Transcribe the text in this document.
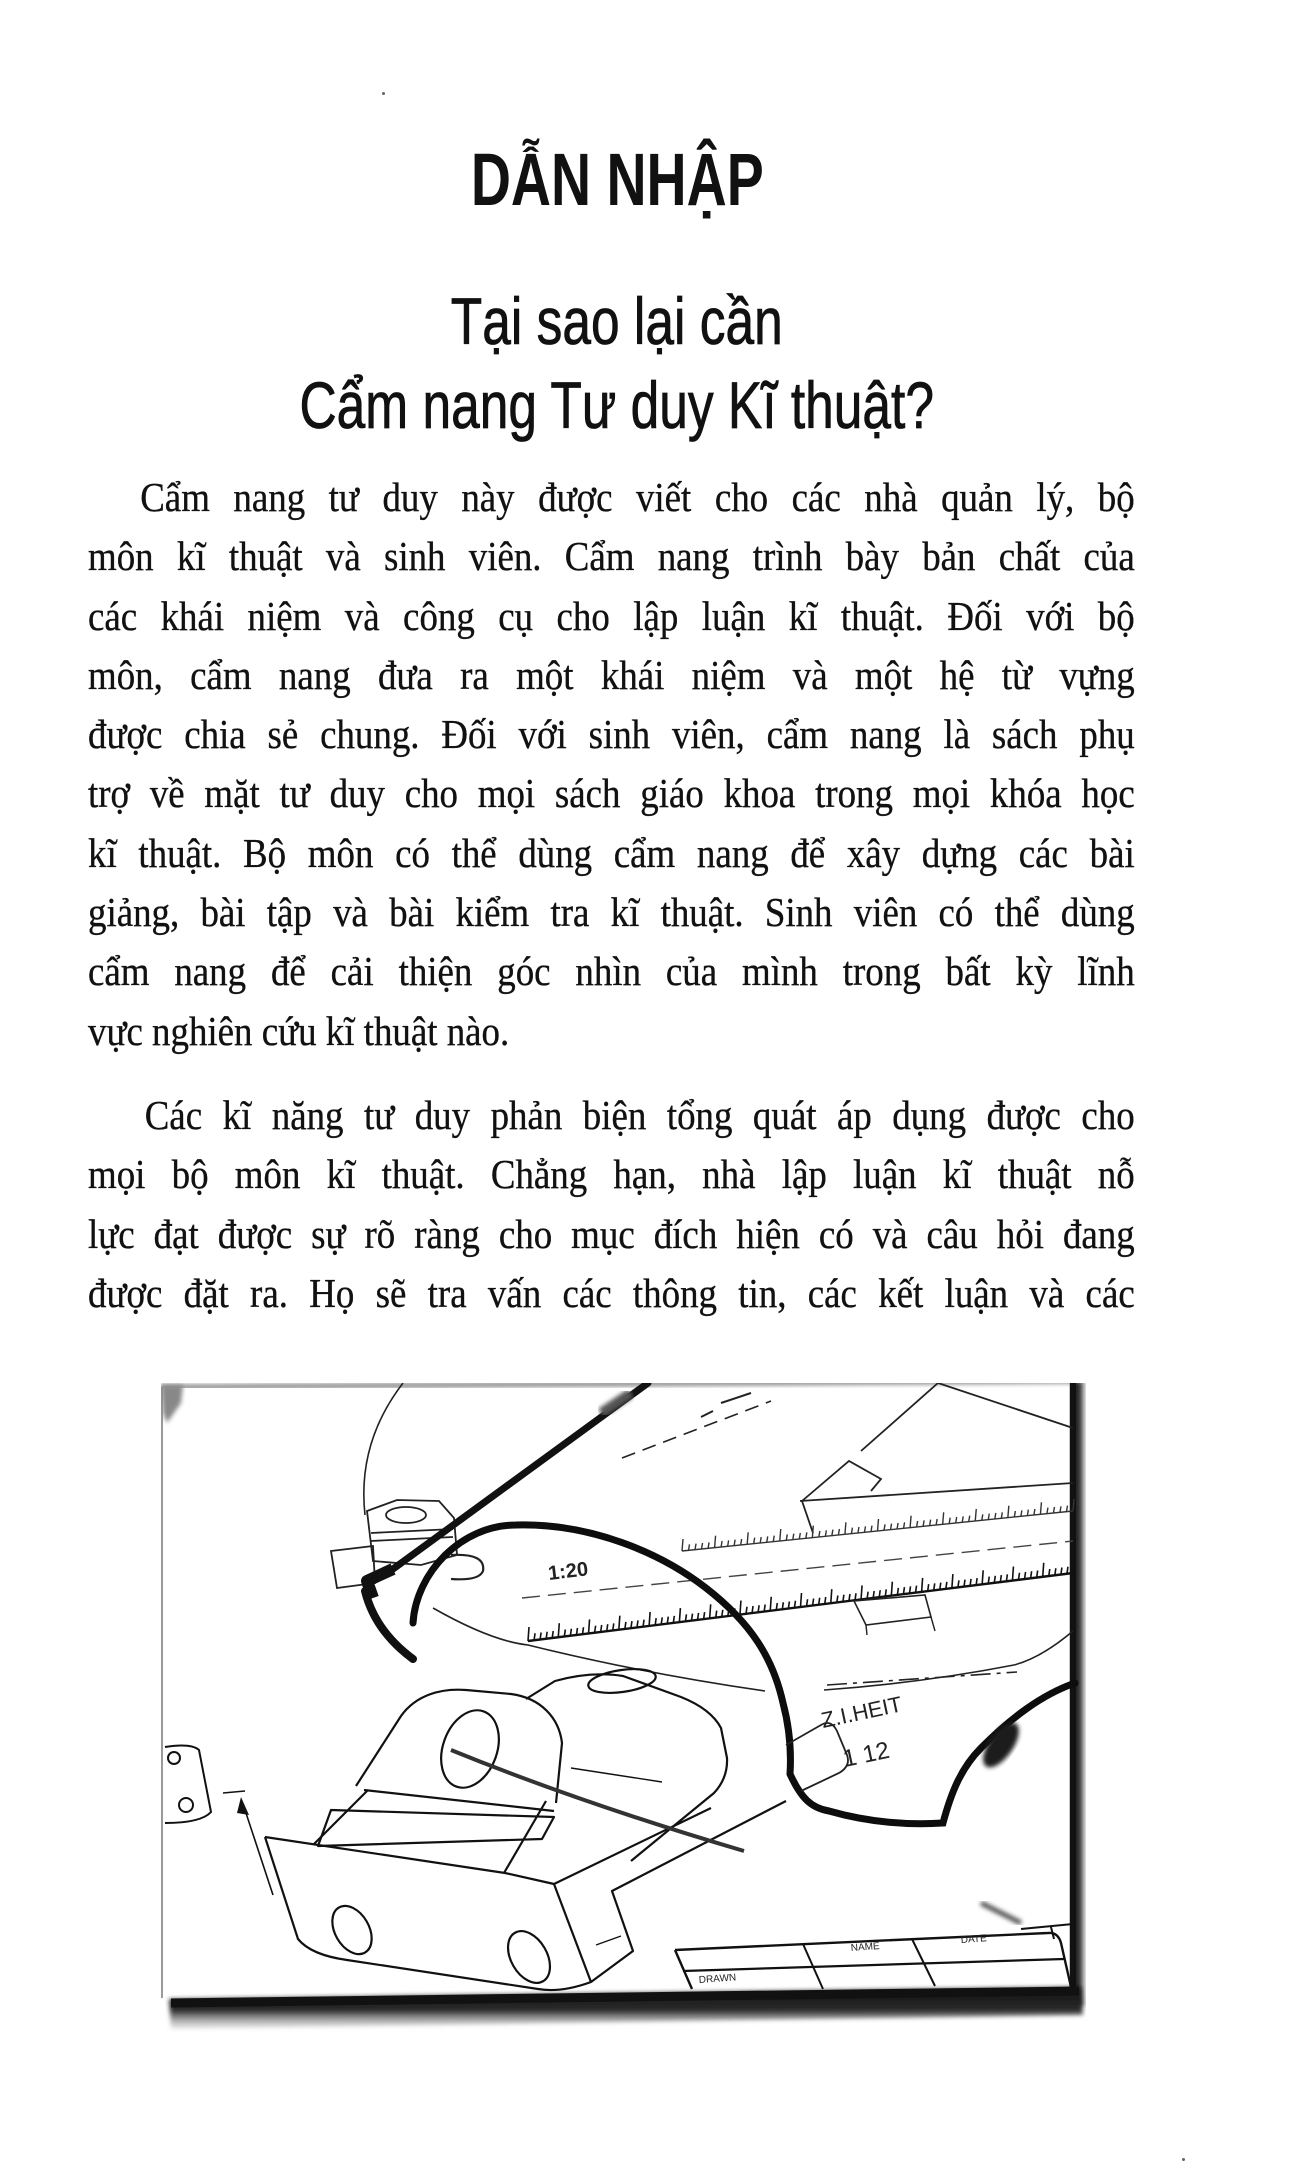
DẪN NHẬP
Tại sao lại cần
Cẩm nang Tư duy Kĩ thuật?
Cẩm nang tư duy này được viết cho các nhà quản lý, bộ
môn kĩ thuật và sinh viên. Cẩm nang trình bày bản chất của
các khái niệm và công cụ cho lập luận kĩ thuật. Đối với bộ
môn, cẩm nang đưa ra một khái niệm và một hệ từ vựng
được chia sẻ chung. Đối với sinh viên, cẩm nang là sách phụ
trợ về mặt tư duy cho mọi sách giáo khoa trong mọi khóa học
kĩ thuật. Bộ môn có thể dùng cẩm nang để xây dựng các bài
giảng, bài tập và bài kiểm tra kĩ thuật. Sinh viên có thể dùng
cẩm nang để cải thiện góc nhìn của mình trong bất kỳ lĩnh
vực nghiên cứu kĩ thuật nào.
Các kĩ năng tư duy phản biện tổng quát áp dụng được cho
mọi bộ môn kĩ thuật. Chẳng hạn, nhà lập luận kĩ thuật nỗ
lực đạt được sự rõ ràng cho mục đích hiện có và câu hỏi đang
được đặt ra. Họ sẽ tra vấn các thông tin, các kết luận và các
1:20
Z.I.HEIT
1 12
NAME
DATE
DRAWN
